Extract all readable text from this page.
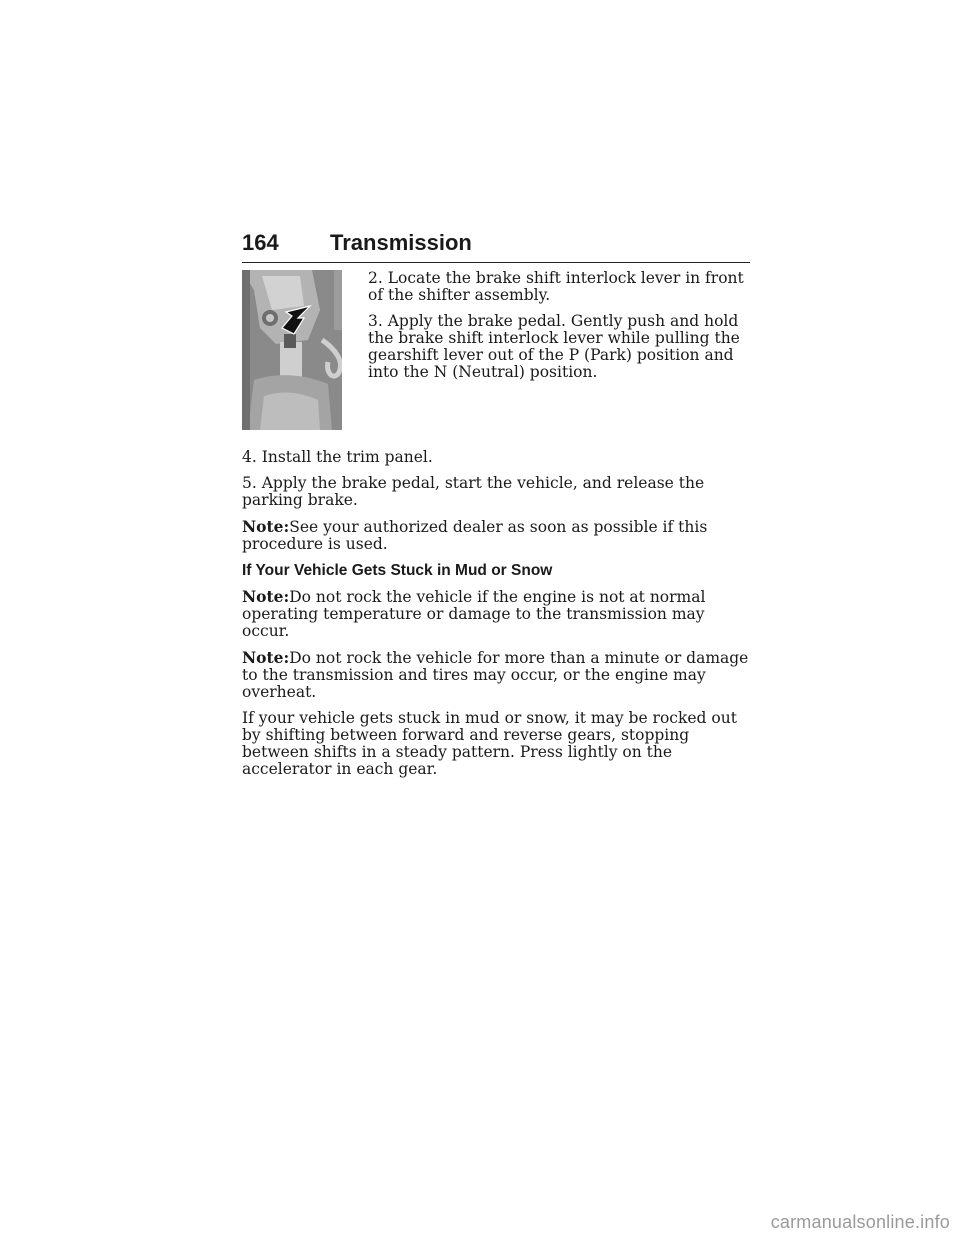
164 Transmission

2. Locate the brake shift interlock lever in front of the shifter assembly.

3. Apply the brake pedal. Gently push and hold the brake shift interlock lever while pulling the gearshift lever out of the P (Park) position and into the N (Neutral) position.

4. Install the trim panel.

5. Apply the brake pedal, start the vehicle, and release the parking brake.

Note:See your authorized dealer as soon as possible if this procedure is used.

If Your Vehicle Gets Stuck in Mud or Snow

Note:Do not rock the vehicle if the engine is not at normal operating temperature or damage to the transmission may occur.

Note:Do not rock the vehicle for more than a minute or damage to the transmission and tires may occur, or the engine may overheat.

If your vehicle gets stuck in mud or snow, it may be rocked out by shifting between forward and reverse gears, stopping between shifts in a steady pattern. Press lightly on the accelerator in each gear.

carmanualsonline.info
